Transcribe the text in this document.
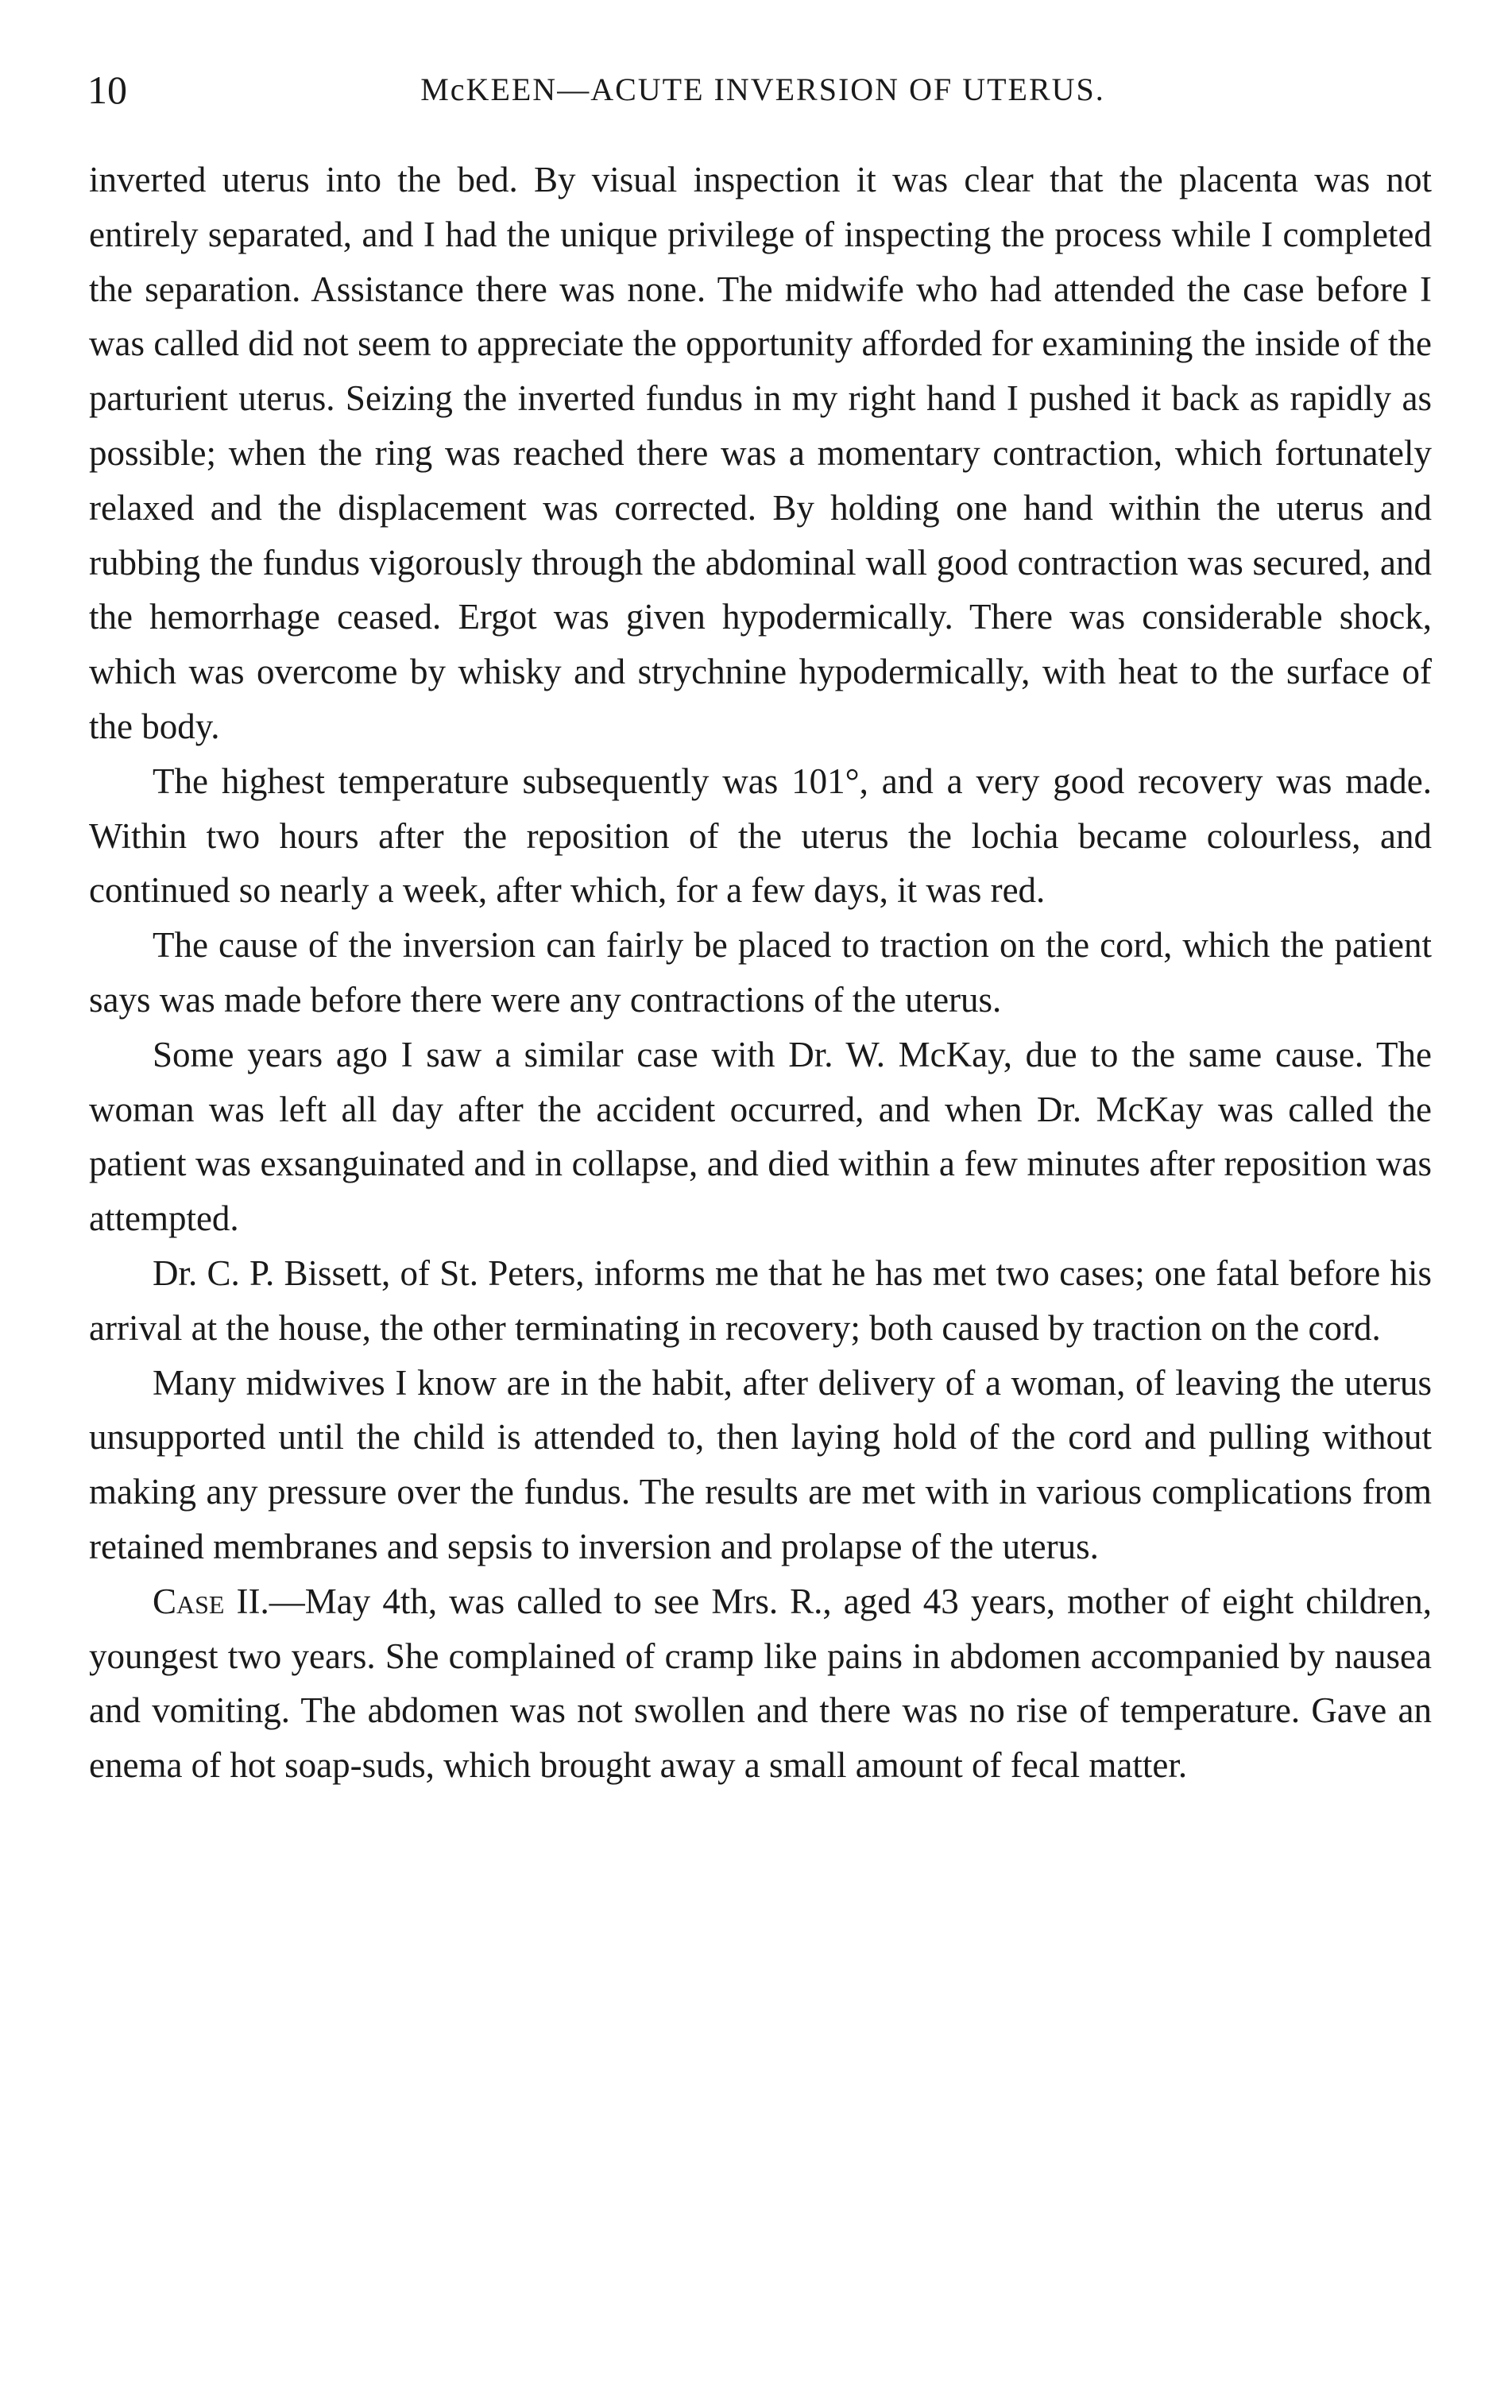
10	McKEEN—ACUTE INVERSION OF UTERUS.

inverted uterus into the bed. By visual inspection it was clear that the placenta was not entirely separated, and I had the unique privilege of inspecting the process while I completed the separation. Assistance there was none. The midwife who had attended the case before I was called did not seem to appreciate the opportunity afforded for examining the inside of the parturient uterus. Seizing the inverted fundus in my right hand I pushed it back as rapidly as possible; when the ring was reached there was a momentary contraction, which fortunately relaxed and the displacement was corrected. By holding one hand within the uterus and rubbing the fundus vigorously through the abdominal wall good contraction was secured, and the hemorrhage ceased. Ergot was given hypodermically. There was considerable shock, which was overcome by whisky and strychnine hypodermically, with heat to the surface of the body.

The highest temperature subsequently was 101°, and a very good recovery was made. Within two hours after the reposition of the uterus the lochia became colourless, and continued so nearly a week, after which, for a few days, it was red.

The cause of the inversion can fairly be placed to traction on the cord, which the patient says was made before there were any contractions of the uterus.

Some years ago I saw a similar case with Dr. W. McKay, due to the same cause. The woman was left all day after the accident occurred, and when Dr. McKay was called the patient was exsanguinated and in collapse, and died within a few minutes after reposition was attempted.

Dr. C. P. Bissett, of St. Peters, informs me that he has met two cases; one fatal before his arrival at the house, the other terminating in recovery; both caused by traction on the cord.

Many midwives I know are in the habit, after delivery of a woman, of leaving the uterus unsupported until the child is attended to, then laying hold of the cord and pulling without making any pressure over the fundus. The results are met with in various complications from retained membranes and sepsis to inversion and prolapse of the uterus.

Case II.—May 4th, was called to see Mrs. R., aged 43 years, mother of eight children, youngest two years. She complained of cramp like pains in abdomen accompanied by nausea and vomiting. The abdomen was not swollen and there was no rise of temperature. Gave an enema of hot soap-suds, which brought away a small amount of fecal matter.
